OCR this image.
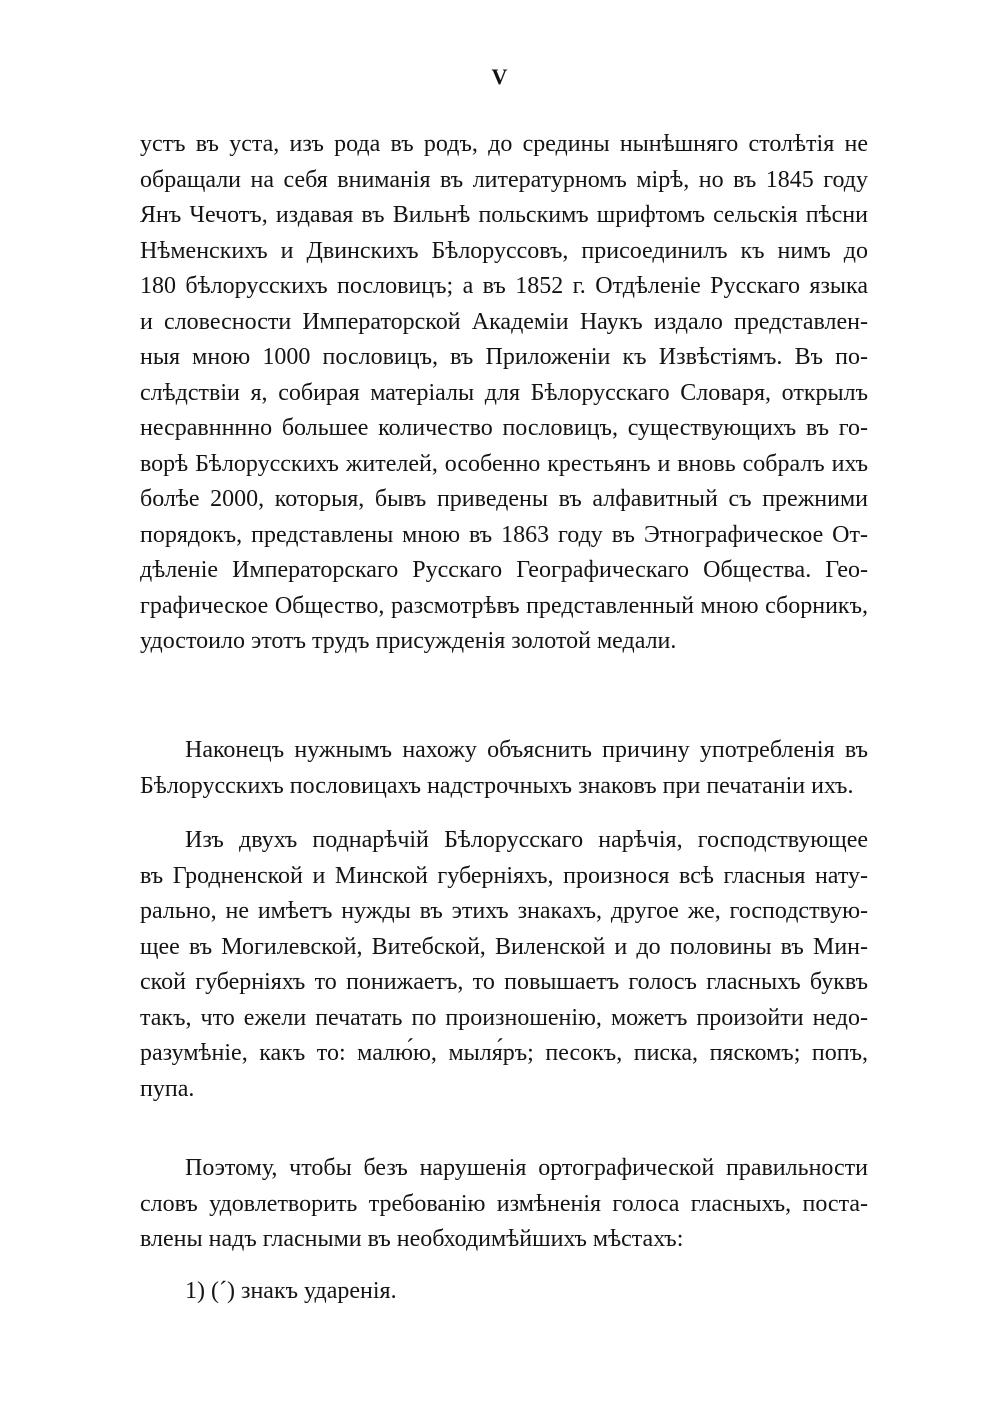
V
устъ въ уста, изъ рода въ родъ, до средины нынѣшняго столѣтія не
обращали на себя вниманія въ литературномъ мірѣ, но въ 1845 году
Янъ Чечотъ, издавая въ Вильнѣ польскимъ шрифтомъ сельскія пѣсни
Нѣменскихъ и Двинскихъ Бѣлоруссовъ, присоединилъ къ нимъ до
180 бѣлорусскихъ пословицъ; а въ 1852 г. Отдѣленіе Русскаго языка
и словесности Императорской Академіи Наукъ издало представлен-
ныя мною 1000 пословицъ, въ Приложеніи къ Извѣстіямъ. Въ по-
слѣдствіи я, собирая матеріалы для Бѣлорусскаго Словаря, открылъ
несравнннно большее количество пословицъ, существующихъ въ го-
ворѣ Бѣлорусскихъ жителей, особенно крестьянъ и вновь собралъ ихъ
болѣе 2000, которыя, бывъ приведены въ алфавитный съ прежними
порядокъ, представлены мною въ 1863 году въ Этнографическое От-
дѣленіе Императорскаго Русскаго Географическаго Общества. Гео-
графическое Общество, разсмотрѣвъ представленный мною сборникъ,
удостоило этотъ трудъ присужденія золотой медали.
Наконецъ нужнымъ нахожу объяснить причину употребленія въ
Бѣлорусскихъ пословицахъ надстрочныхъ знаковъ при печатаніи ихъ.
Изъ двухъ поднарѣчій Бѣлорусскаго нарѣчія, господствующее
въ Гродненской и Минской губерніяхъ, произнося всѣ гласныя нату-
рально, не имѣетъ нужды въ этихъ знакахъ, другое же, господствую-
щее въ Могилевской, Витебской, Виленской и до половины въ Мин-
ской губерніяхъ то понижаетъ, то повышаетъ голосъ гласныхъ буквъ
такъ, что ежели печатать по произношенію, можетъ произойти недо-
разумѣніе, какъ то: малю́ю, мыля́ръ; песокъ, писка, пяскомъ; попъ,
пупа.
Поэтому, чтобы безъ нарушенія ортографической правильности
словъ удовлетворить требованію измѣненія голоса гласныхъ, поста-
влены надъ гласными въ необходимѣйшихъ мѣстахъ:
1) (ˊ) знакъ ударенія.
